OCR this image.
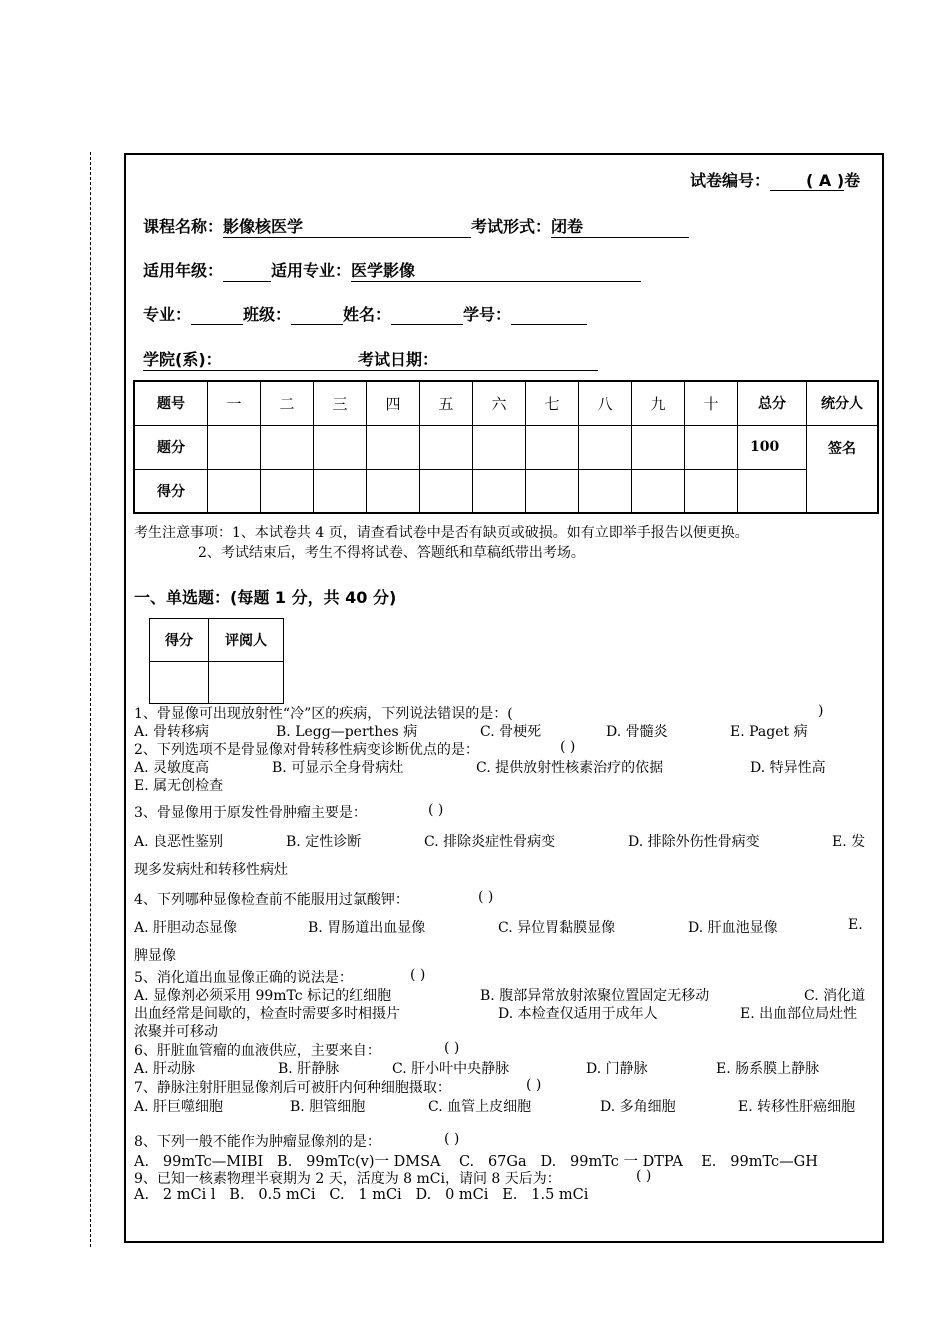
试卷编号： ( A )卷
课程名称：影像核医学	考试形式：闭卷
适用年级：	适用专业：医学影像
专业：	班级：	姓名：	学号：
学院(系)：	考试日期：
题号	一	二	三	四	五	六	七	八	九	十	总分	统分人
题分											100	签名
得分												
考生注意事项：1、本试卷共 4 页，请查看试卷中是否有缺页或破损。如有立即举手报告以便更换。
2、考试结束后，考生不得将试卷、答题纸和草稿纸带出考场。
一、单选题：(每题 1 分，共 40 分)
得分	评阅人

1、骨显像可出现放射性“冷”区的疾病，下列说法错误的是：(	)
A. 骨转移病	B. Legg—perthes 病	C. 骨梗死	D. 骨髓炎	E. Paget 病
2、下列选项不是骨显像对骨转移性病变诊断优点的是：	( )
A. 灵敏度高	B. 可显示全身骨病灶	C. 提供放射性核素治疗的依据	D. 特异性高
E. 属无创检查
3、骨显像用于原发性骨肿瘤主要是：	( )
A. 良恶性鉴别	B. 定性诊断	C. 排除炎症性骨病变	D. 排除外伤性骨病变	E. 发
现多发病灶和转移性病灶
4、下列哪种显像检查前不能服用过氯酸钾：	( )
A. 肝胆动态显像	B. 胃肠道出血显像	C. 异位胃黏膜显像	D. 肝血池显像	E.
脾显像
5、消化道出血显像正确的说法是：	( )
A. 显像剂必须采用 99mTc 标记的红细胞	B. 腹部异常放射浓聚位置固定无移动	C. 消化道
出血经常是间歇的，检查时需要多时相摄片	D. 本检查仅适用于成年人	E. 出血部位局灶性
浓聚并可移动
6、肝脏血管瘤的血液供应，主要来自：	( )
A. 肝动脉	B. 肝静脉	C. 肝小叶中央静脉	D. 门静脉	E. 肠系膜上静脉
7、静脉注射肝胆显像剂后可被肝内何种细胞摄取：	( )
A. 肝巨噬细胞	B. 胆管细胞	C. 血管上皮细胞	D. 多角细胞	E. 转移性肝癌细胞
8、下列一般不能作为肿瘤显像剂的是：	( )
A.   99mTc—MIBI   B.   99mTc(v)一 DMSA    C.   67Ga   D.   99mTc 一 DTPA    E.   99mTc—GH
9、已知一核素物理半衰期为 2 天，活度为 8 mCi，请问 8 天后为：	( )
A.   2 mCi l   B.   0.5 mCi   C.   1 mCi   D.   0 mCi   E.   1.5 mCi
